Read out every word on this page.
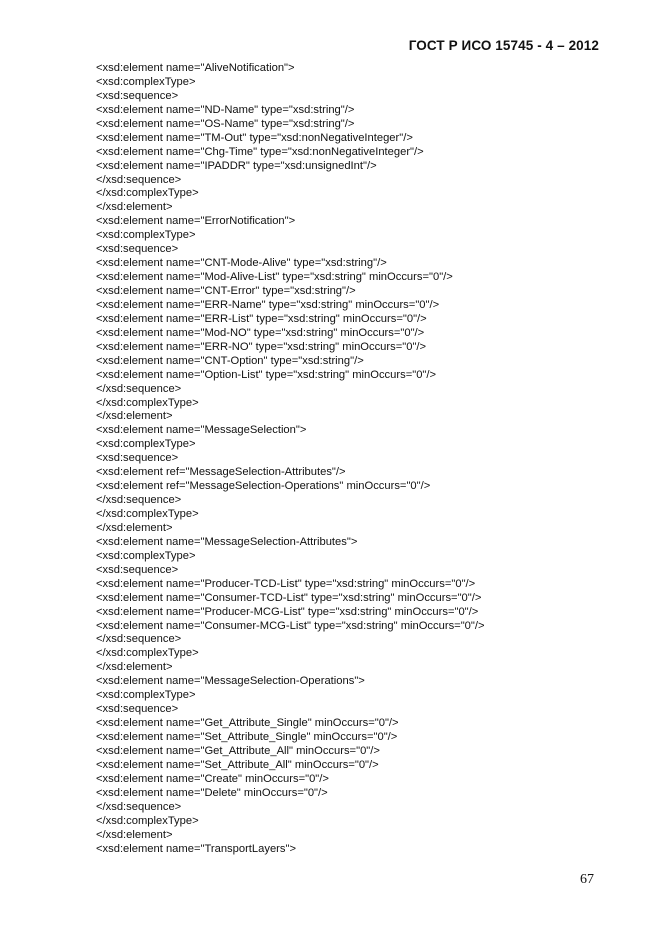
ГОСТ Р ИСО 15745 - 4 – 2012
<xsd:element name="AliveNotification">
<xsd:complexType>
<xsd:sequence>
<xsd:element name="ND-Name" type="xsd:string"/>
<xsd:element name="OS-Name" type="xsd:string"/>
<xsd:element name="TM-Out" type="xsd:nonNegativeInteger"/>
<xsd:element name="Chg-Time" type="xsd:nonNegativeInteger"/>
<xsd:element name="IPADDR" type="xsd:unsignedInt"/>
</xsd:sequence>
</xsd:complexType>
</xsd:element>
<xsd:element name="ErrorNotification">
<xsd:complexType>
<xsd:sequence>
<xsd:element name="CNT-Mode-Alive" type="xsd:string"/>
<xsd:element name="Mod-Alive-List" type="xsd:string" minOccurs="0"/>
<xsd:element name="CNT-Error" type="xsd:string"/>
<xsd:element name="ERR-Name" type="xsd:string" minOccurs="0"/>
<xsd:element name="ERR-List" type="xsd:string" minOccurs="0"/>
<xsd:element name="Mod-NO" type="xsd:string" minOccurs="0"/>
<xsd:element name="ERR-NO" type="xsd:string" minOccurs="0"/>
<xsd:element name="CNT-Option" type="xsd:string"/>
<xsd:element name="Option-List" type="xsd:string" minOccurs="0"/>
</xsd:sequence>
</xsd:complexType>
</xsd:element>
<xsd:element name="MessageSelection">
<xsd:complexType>
<xsd:sequence>
<xsd:element ref="MessageSelection-Attributes"/>
<xsd:element ref="MessageSelection-Operations" minOccurs="0"/>
</xsd:sequence>
</xsd:complexType>
</xsd:element>
<xsd:element name="MessageSelection-Attributes">
<xsd:complexType>
<xsd:sequence>
<xsd:element name="Producer-TCD-List" type="xsd:string" minOccurs="0"/>
<xsd:element name="Consumer-TCD-List" type="xsd:string" minOccurs="0"/>
<xsd:element name="Producer-MCG-List" type="xsd:string" minOccurs="0"/>
<xsd:element name="Consumer-MCG-List" type="xsd:string" minOccurs="0"/>
</xsd:sequence>
</xsd:complexType>
</xsd:element>
<xsd:element name="MessageSelection-Operations">
<xsd:complexType>
<xsd:sequence>
<xsd:element name="Get_Attribute_Single" minOccurs="0"/>
<xsd:element name="Set_Attribute_Single" minOccurs="0"/>
<xsd:element name="Get_Attribute_All" minOccurs="0"/>
<xsd:element name="Set_Attribute_All" minOccurs="0"/>
<xsd:element name="Create" minOccurs="0"/>
<xsd:element name="Delete" minOccurs="0"/>
</xsd:sequence>
</xsd:complexType>
</xsd:element>
<xsd:element name="TransportLayers">
67
